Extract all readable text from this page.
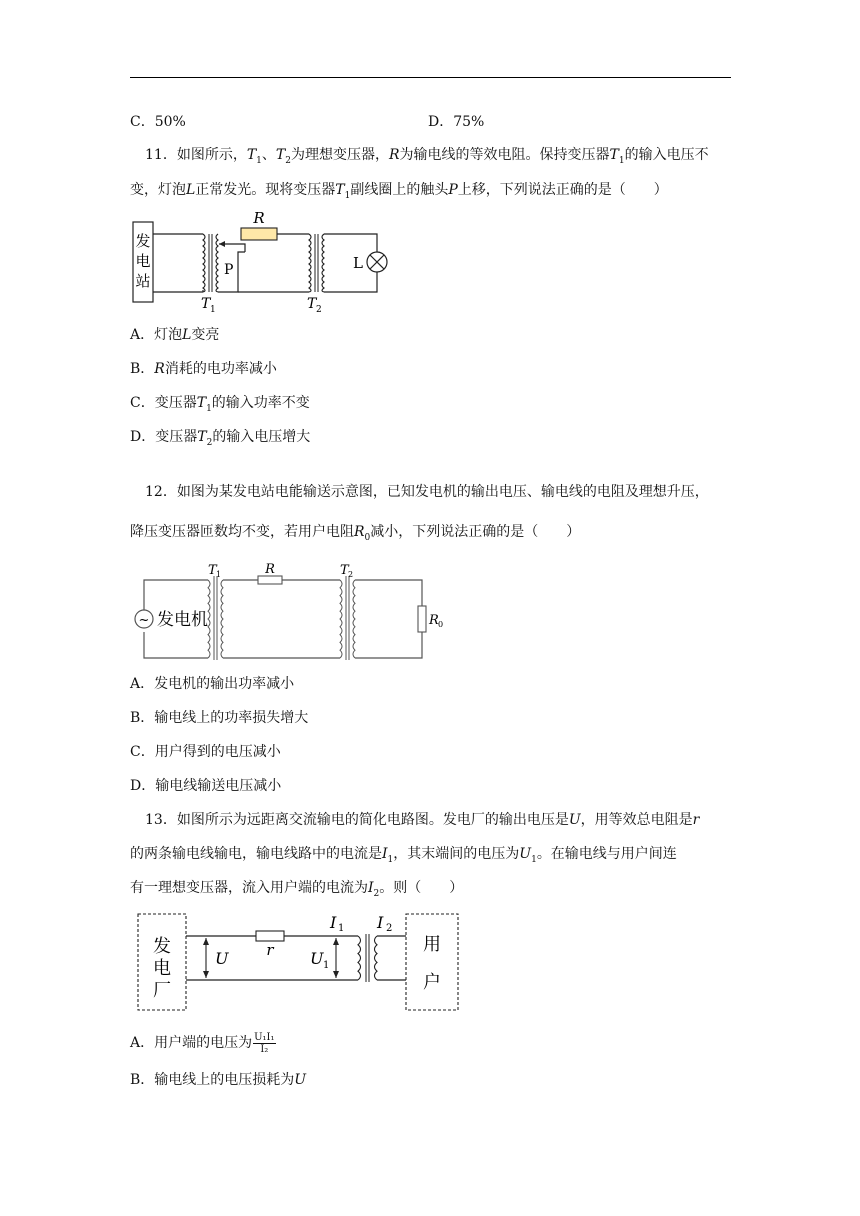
C．50%	D．75%
11．如图所示，$T_1$、$T_2$为理想变压器，R为输电线的等效电阻。保持变压器$T_1$的输入电压不
变，灯泡L正常发光。现将变压器$T_1$副线圈上的触头P上移，下列说法正确的是（　　）
发
电
站
P
R
L
T 1	T 2
A．灯泡L变亮
B．R消耗的电功率减小
C．变压器$T_1$的输入功率不变
D．变压器$T_2$的输入电压增大
12．如图为某发电站电能输送示意图，已知发电机的输出电压、输电线的电阻及理想升压，
降压变压器匝数均不变，若用户电阻$R_0$减小，下列说法正确的是（　　）
~ 发电机
T 1	R	T 2
R 0
A．发电机的输出功率减小
B．输电线上的功率损失增大
C．用户得到的电压减小
D．输电线输送电压减小
13．如图所示为远距离交流输电的简化电路图。发电厂的输出电压是U，用等效总电阻是r
的两条输电线输电，输电线路中的电流是$I_1$，其末端间的电压为$U_1$。在输电线与用户间连
有一理想变压器，流入用户端的电流为$I_2$。则（　　）
发
电
厂
r
U	U 1
I 1 I 2
用
户
A．用户端的电压为 $\frac{\text{U₁I₁}}{\text{I₂}}$
B．输电线上的电压损耗为U
